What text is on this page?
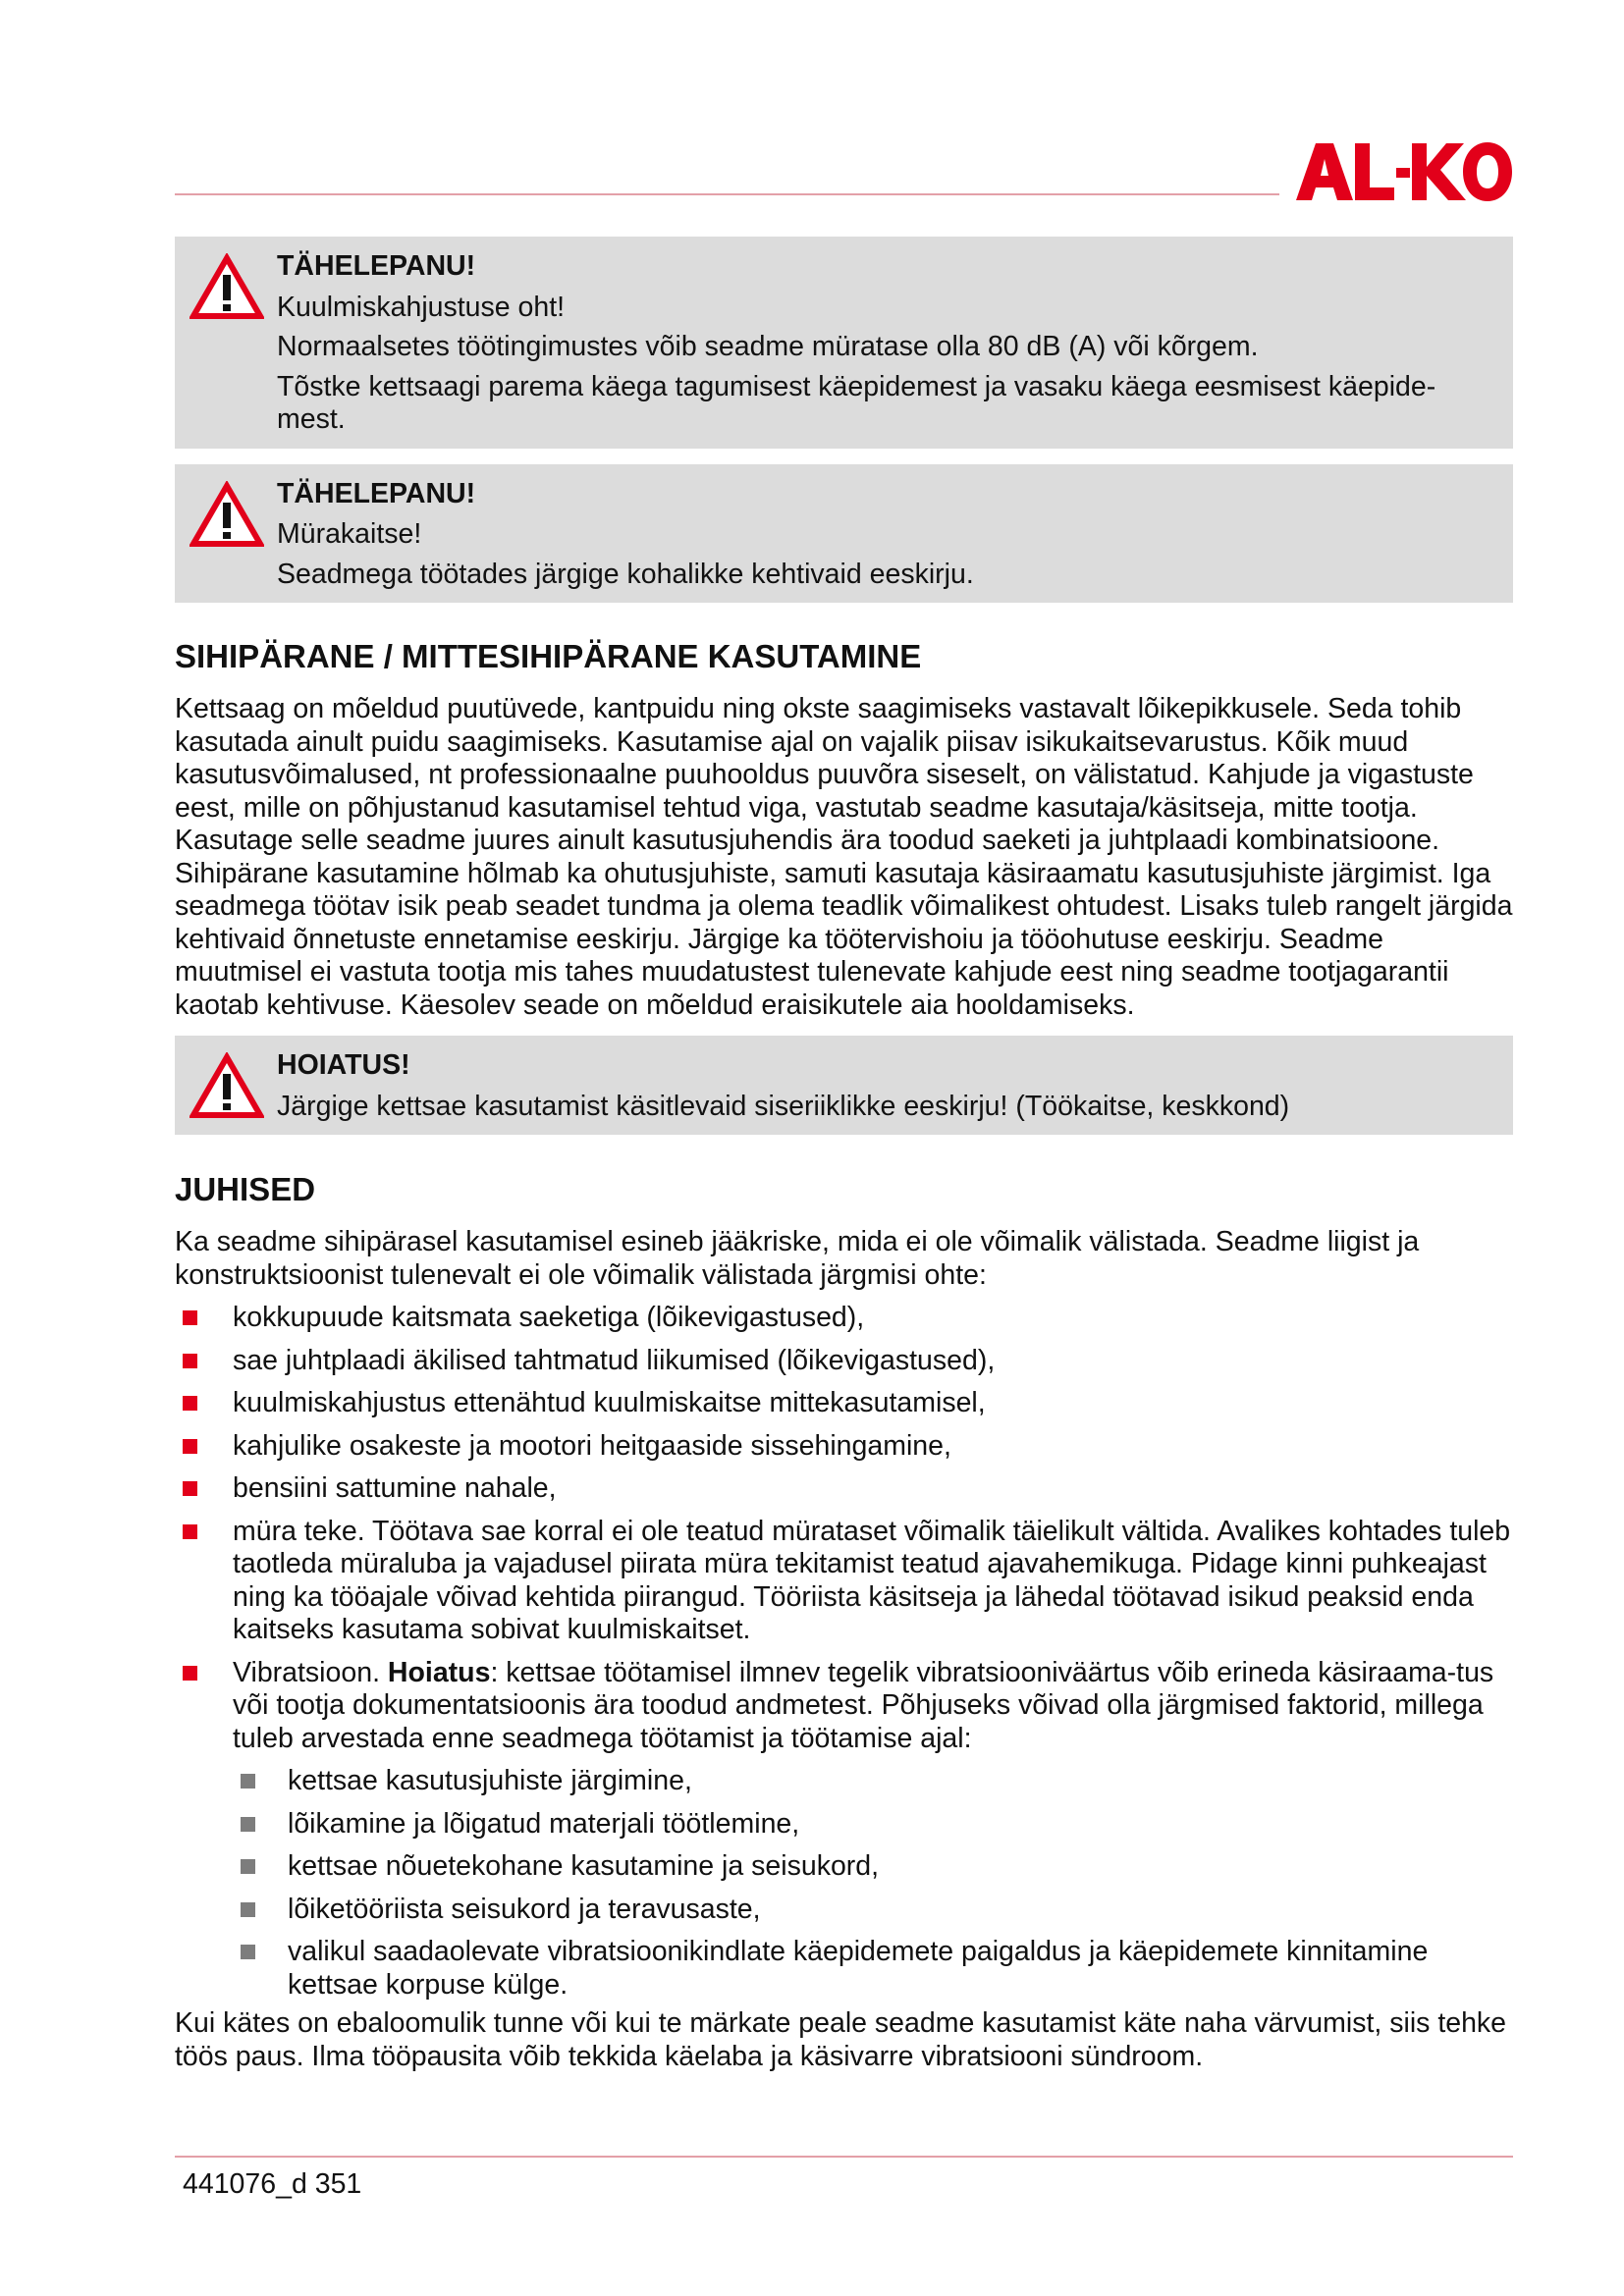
TÄHELEPANU!

Kuulmiskahjustuse oht!

Normaalsetes töötingimustes võib seadme müratase olla 80 dB (A) või kõrgem.

Tõstke kettsaagi parema käega tagumisest käepidemest ja vasaku käega eesmisest käepide-mest.

TÄHELEPANU!

Mürakaitse!

Seadmega töötades järgige kohalikke kehtivaid eeskirju.

SIHIPÄRANE / MITTESIHIPÄRANE KASUTAMINE

Kettsaag on mõeldud puutüvede, kantpuidu ning okste saagimiseks vastavalt lõikepikkusele. Seda tohib kasutada ainult puidu saagimiseks. Kasutamise ajal on vajalik piisav isikukaitsevarustus. Kõik muud kasutusvõimalused, nt professionaalne puuhooldus puuvõra siseselt, on välistatud. Kahjude ja vigastuste eest, mille on põhjustanud kasutamisel tehtud viga, vastutab seadme kasutaja/käsitseja, mitte tootja. Kasutage selle seadme juures ainult kasutusjuhendis ära toodud saeketi ja juhtplaadi kombinatsioone. Sihipärane kasutamine hõlmab ka ohutusjuhiste, samuti kasutaja käsiraamatu kasutusjuhiste järgimist. Iga seadmega töötav isik peab seadet tundma ja olema teadlik võimalikest ohtudest. Lisaks tuleb rangelt järgida kehtivaid õnnetuste ennetamise eeskirju. Järgige ka töötervishoiu ja tööohutuse eeskirju. Seadme muutmisel ei vastuta tootja mis tahes muudatustest tulenevate kahjude eest ning seadme tootjagarantii kaotab kehtivuse. Käesolev seade on mõeldud eraisikutele aia hooldamiseks.

HOIATUS!

Järgige kettsae kasutamist käsitlevaid siseriiklikke eeskirju! (Töökaitse, keskkond)

JUHISED

Ka seadme sihipärasel kasutamisel esineb jääkriske, mida ei ole võimalik välistada. Seadme liigist ja konstruktsioonist tulenevalt ei ole võimalik välistada järgmisi ohte:

kokkupuude kaitsmata saeketiga (lõikevigastused),
sae juhtplaadi äkilised tahtmatud liikumised (lõikevigastused),
kuulmiskahjustus ettenähtud kuulmiskaitse mittekasutamisel,
kahjulike osakeste ja mootori heitgaaside sissehingamine,
bensiini sattumine nahale,
müra teke. Töötava sae korral ei ole teatud mürataset võimalik täielikult vältida. Avalikes kohtades tuleb taotleda müraluba ja vajadusel piirata müra tekitamist teatud ajavahemikuga. Pidage kinni puhkeajast ning ka tööajale võivad kehtida piirangud. Tööriista käsitseja ja lähedal töötavad isikud peaksid enda kaitseks kasutama sobivat kuulmiskaitset.
Vibratsioon. Hoiatus: kettsae töötamisel ilmnev tegelik vibratsiooniväärtus võib erineda käsiraama-tus või tootja dokumentatsioonis ära toodud andmetest. Põhjuseks võivad olla järgmised faktorid, millega tuleb arvestada enne seadmega töötamist ja töötamise ajal:
kettsae kasutusjuhiste järgimine,
lõikamine ja lõigatud materjali töötlemine,
kettsae nõuetekohane kasutamine ja seisukord,
lõiketööriista seisukord ja teravusaste,
valikul saadaolevate vibratsioonikindlate käepidemete paigaldus ja käepidemete kinnitamine kettsae korpuse külge.

Kui kätes on ebaloomulik tunne või kui te märkate peale seadme kasutamist käte naha värvumist, siis tehke töös paus. Ilma tööpausita võib tekkida käelaba ja käsivarre vibratsiooni sündroom.

441076_d 351
